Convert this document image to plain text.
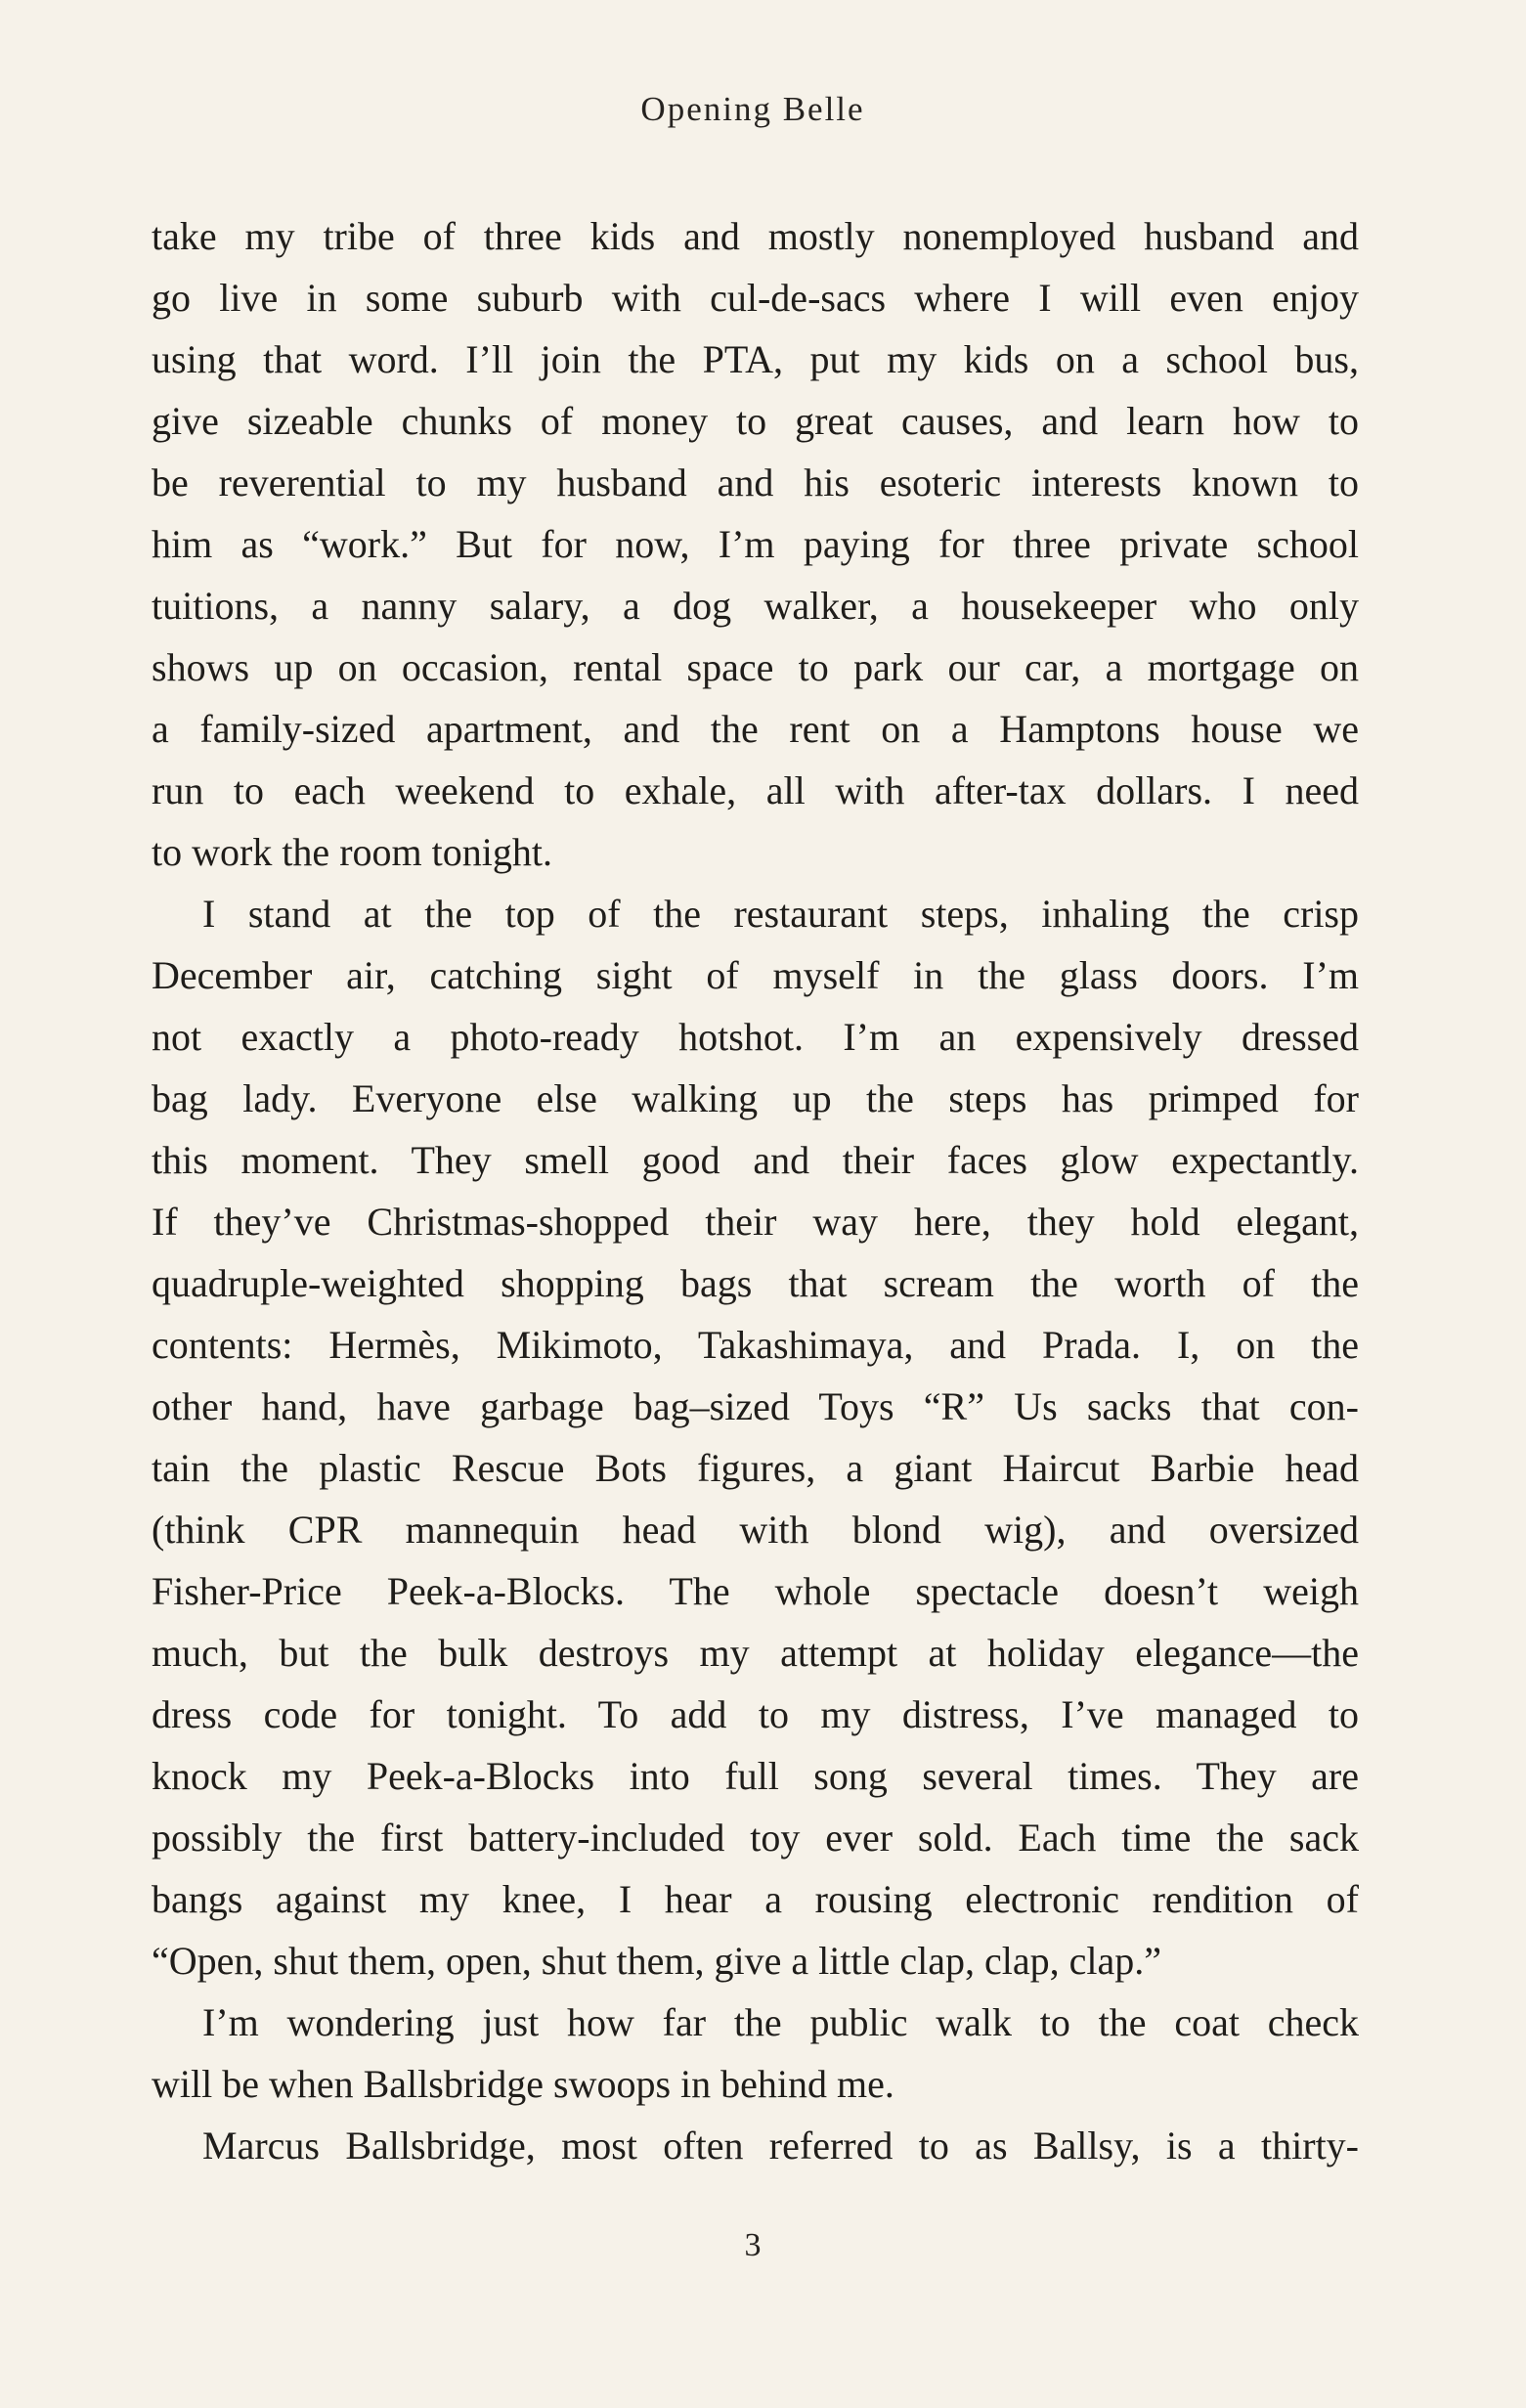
Opening Belle

take my tribe of three kids and mostly nonemployed husband and
go live in some suburb with cul-de-sacs where I will even enjoy
using that word. I’ll join the PTA, put my kids on a school bus,
give sizeable chunks of money to great causes, and learn how to
be reverential to my husband and his esoteric interests known to
him as “work.” But for now, I’m paying for three private school
tuitions, a nanny salary, a dog walker, a housekeeper who only
shows up on occasion, rental space to park our car, a mortgage on
a family-sized apartment, and the rent on a Hamptons house we
run to each weekend to exhale, all with after-tax dollars. I need
to work the room tonight.

I stand at the top of the restaurant steps, inhaling the crisp
December air, catching sight of myself in the glass doors. I’m
not exactly a photo-ready hotshot. I’m an expensively dressed
bag lady. Everyone else walking up the steps has primped for
this moment. They smell good and their faces glow expectantly.
If they’ve Christmas-shopped their way here, they hold elegant,
quadruple-weighted shopping bags that scream the worth of the
contents: Hermès, Mikimoto, Takashimaya, and Prada. I, on the
other hand, have garbage bag–sized Toys “R” Us sacks that con-
tain the plastic Rescue Bots figures, a giant Haircut Barbie head
(think CPR mannequin head with blond wig), and oversized
Fisher-Price Peek-a-Blocks. The whole spectacle doesn’t weigh
much, but the bulk destroys my attempt at holiday elegance—the
dress code for tonight. To add to my distress, I’ve managed to
knock my Peek-a-Blocks into full song several times. They are
possibly the first battery-included toy ever sold. Each time the sack
bangs against my knee, I hear a rousing electronic rendition of
“Open, shut them, open, shut them, give a little clap, clap, clap.”

I’m wondering just how far the public walk to the coat check
will be when Ballsbridge swoops in behind me.

Marcus Ballsbridge, most often referred to as Ballsy, is a thirty-

3
